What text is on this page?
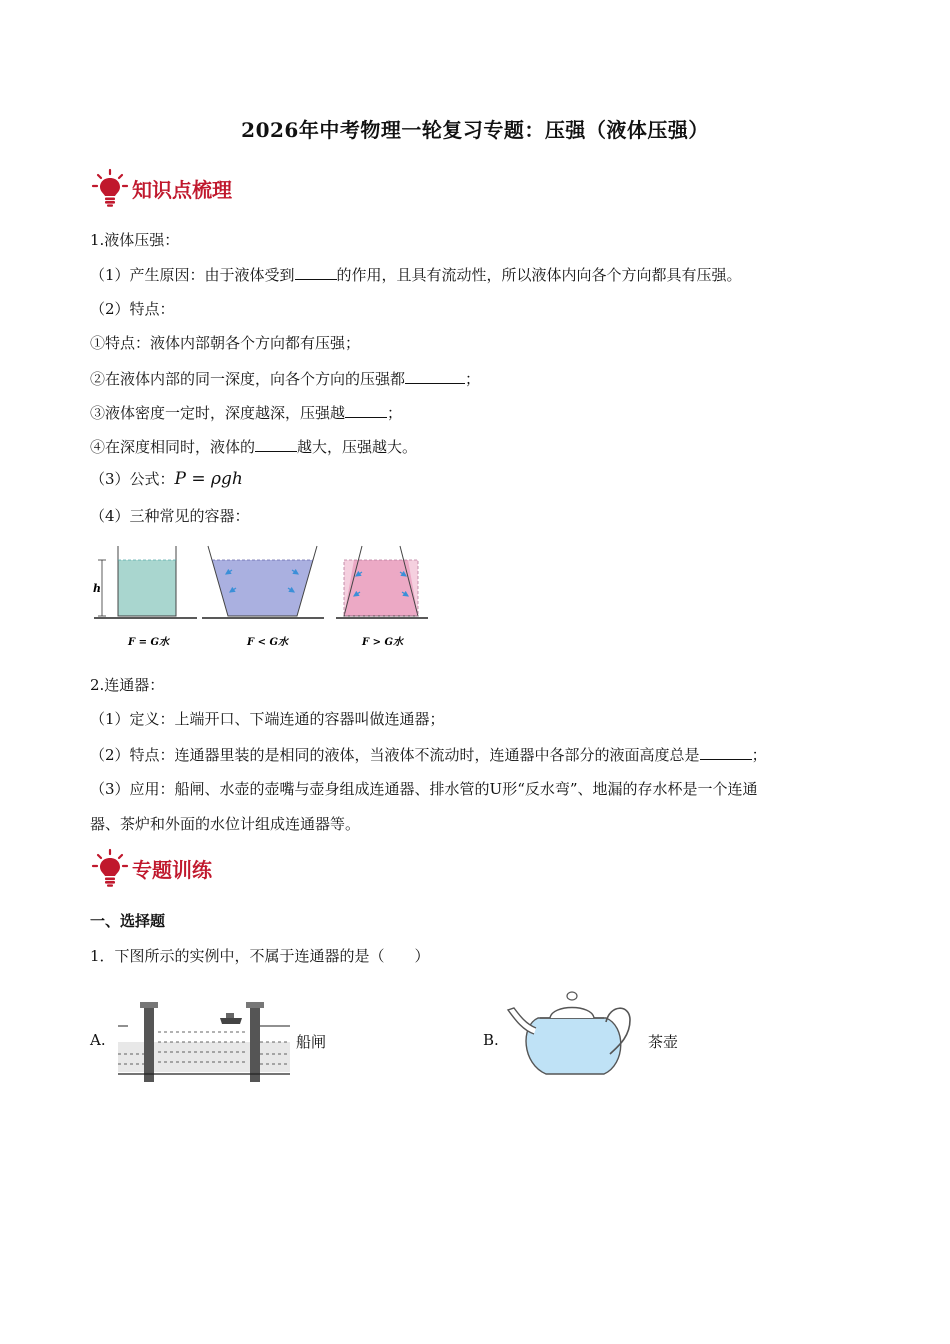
2026年中考物理一轮复习专题：压强（液体压强）
知识点梳理
1.液体压强：
（1）产生原因：由于液体受到	的作用，且具有流动性，所以液体内向各个方向都具有压强。
（2）特点：
①特点：液体内部朝各个方向都有压强；
②在液体内部的同一深度，向各个方向的压强都	；
③液体密度一定时，深度越深，压强越	；
④在深度相同时，液体的	越大，压强越大。
（3）公式：P = ρgh
（4）三种常见的容器：
h
F = G水	F < G水	F > G水
2.连通器：
（1）定义：上端开口、下端连通的容器叫做连通器；
（2）特点：连通器里装的是相同的液体，当液体不流动时，连通器中各部分的液面高度总是	；
（3）应用：船闸、水壶的壶嘴与壶身组成连通器、排水管的U形“反水弯”、地漏的存水杯是一个连通
器、茶炉和外面的水位计组成连通器等。
专题训练
一、选择题
1．下图所示的实例中，不属于连通器的是（　　）
A.	船闸	B.	茶壶
